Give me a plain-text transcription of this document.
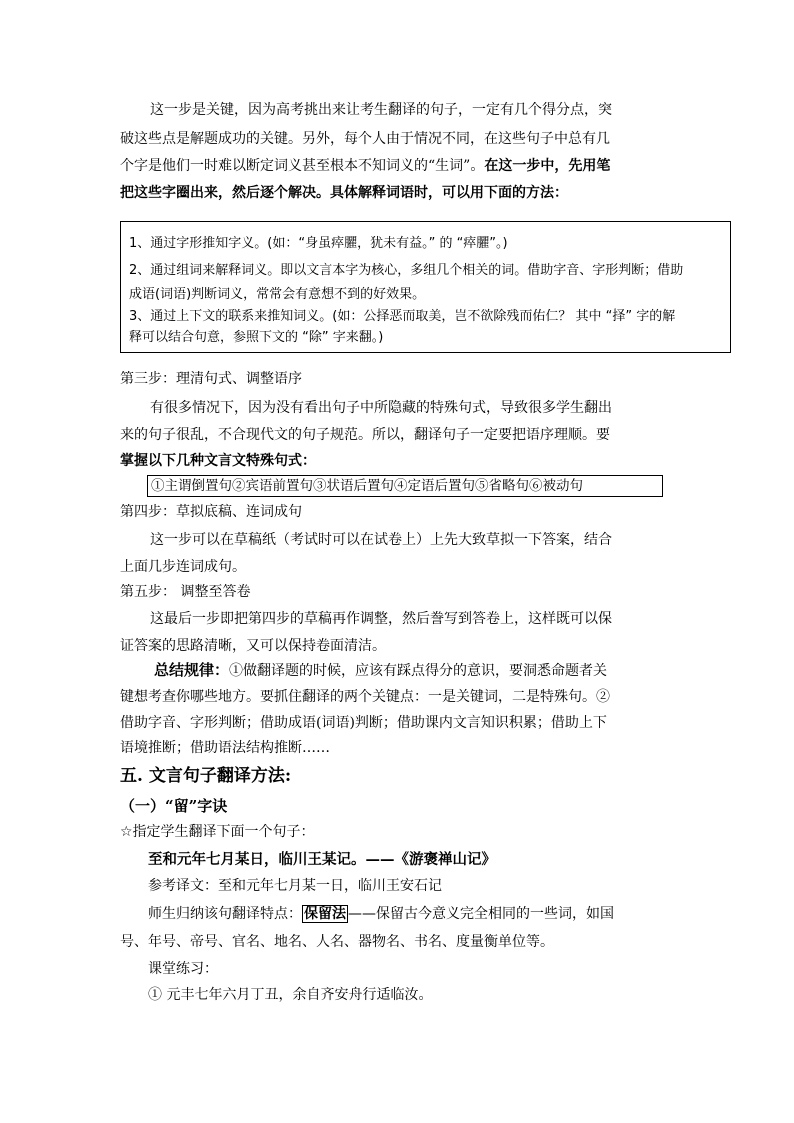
这一步是关键，因为高考挑出来让考生翻译的句子，一定有几个得分点，突
破这些点是解题成功的关键。另外，每个人由于情况不同，在这些句子中总有几
个字是他们一时难以断定词义甚至根本不知词义的“生词”。在这一步中，先用笔
把这些字圈出来，然后逐个解决。具体解释词语时，可以用下面的方法：
1、通过字形推知字义。(如：“身虽瘁臞，犹未有益。” 的 “瘁臞”。)
2、通过组词来解释词义。即以文言本字为核心，多组几个相关的词。借助字音、字形判断；借助
成语(词语)判断词义，常常会有意想不到的好效果。
3、通过上下文的联系来推知词义。(如：公择恶而取美，岂不欲除残而佑仁？ 其中 “择” 字的解
释可以结合句意，参照下文的 “除” 字来翻。)
第三步：理清句式、调整语序
有很多情况下，因为没有看出句子中所隐藏的特殊句式，导致很多学生翻出
来的句子很乱，不合现代文的句子规范。所以，翻译句子一定要把语序理顺。要
掌握以下几种文言文特殊句式：
①主谓倒置句②宾语前置句③状语后置句④定语后置句⑤省略句⑥被动句
第四步：草拟底稿、连词成句
这一步可以在草稿纸（考试时可以在试卷上）上先大致草拟一下答案，结合
上面几步连词成句。
第五步： 调整至答卷
这最后一步即把第四步的草稿再作调整，然后誊写到答卷上，这样既可以保
证答案的思路清晰，又可以保持卷面清洁。
总结规律：①做翻译题的时候，应该有踩点得分的意识，要洞悉命题者关
键想考查你哪些地方。要抓住翻译的两个关键点：一是关键词，二是特殊句。②
借助字音、字形判断；借助成语(词语)判断；借助课内文言知识积累；借助上下
语境推断；借助语法结构推断……
五. 文言句子翻译方法:
（一）“留”字诀
☆指定学生翻译下面一个句子：
至和元年七月某日，临川王某记。——《游褒禅山记》
参考译文：至和元年七月某一日，临川王安石记
师生归纳该句翻译特点： 保留法 ——保留古今意义完全相同的一些词，如国
号、年号、帝号、官名、地名、人名、器物名、书名、度量衡单位等。
课堂练习：
① 元丰七年六月丁丑，余自齐安舟行适临汝。
